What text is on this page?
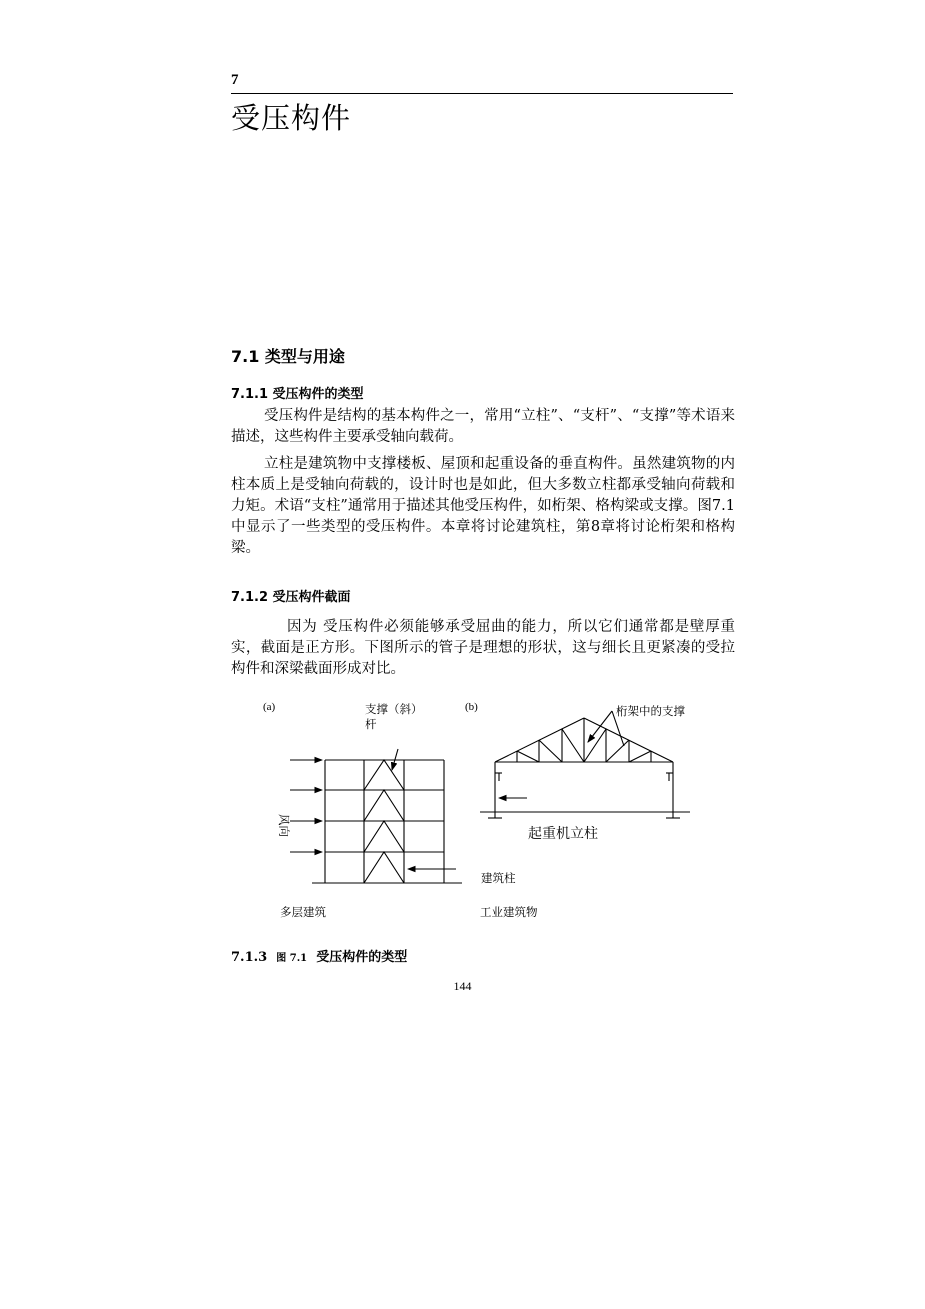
7
受压构件
7.1 类型与用途
7.1.1 受压构件的类型
受压构件是结构的基本构件之一，常用“立柱”、“支杆”、“支撑”等术语来描述，这些构件主要承受轴向载荷。
立柱是建筑物中支撑楼板、屋顶和起重设备的垂直构件。虽然建筑物的内柱本质上是受轴向荷载的，设计时也是如此，但大多数立柱都承受轴向荷载和力矩。术语“支柱”通常用于描述其他受压构件，如桁架、格构梁或支撑。图7.1中显示了一些类型的受压构件。本章将讨论建筑柱，第8章将讨论桁架和格构梁。
7.1.2 受压构件截面
因为 受压构件必须能够承受屈曲的能力，所以它们通常都是壁厚重实，截面是正方形。下图所示的管子是理想的形状，这与细长且更紧凑的受拉构件和深梁截面形成对比。
(a)	(b)
支撑（斜）
杆
风向
建筑柱
多层建筑
桁架中的支撑
起重机立柱
工业建筑物
7.1.3 图 7.1 受压构件的类型
144
